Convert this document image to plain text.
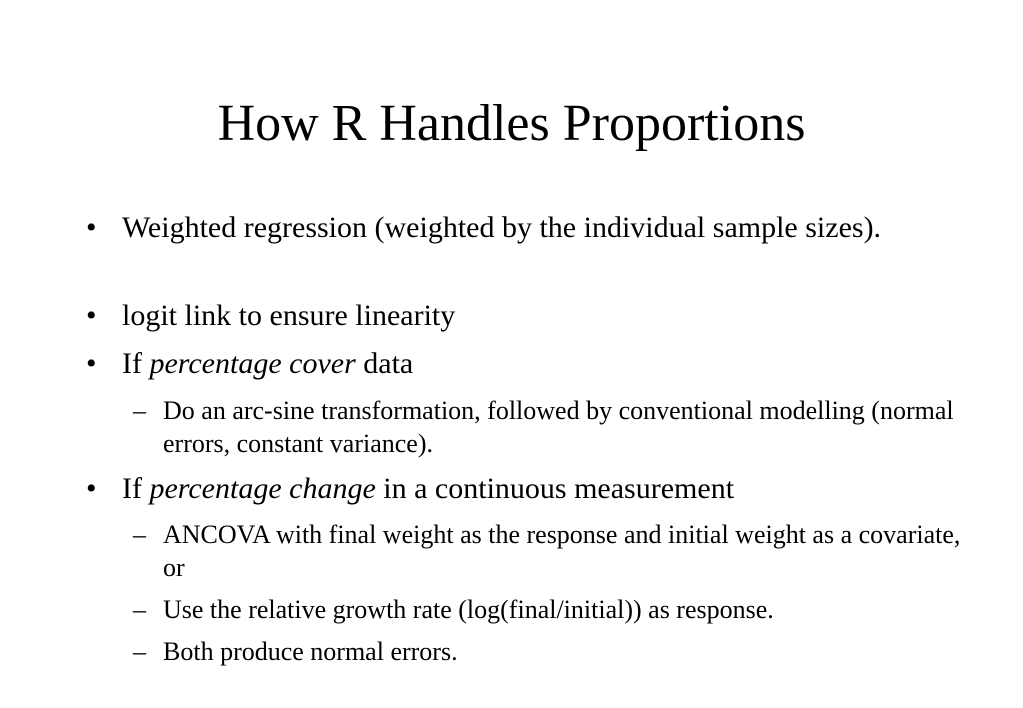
How R Handles Proportions

• Weighted regression (weighted by the individual sample sizes).

• logit link to ensure linearity

• If percentage cover data

– Do an arc-sine transformation, followed by conventional modelling (normal errors, constant variance).

• If percentage change in a continuous measurement

– ANCOVA with final weight as the response and initial weight as a covariate, or

– Use the relative growth rate (log(final/initial)) as response.

– Both produce normal errors.
